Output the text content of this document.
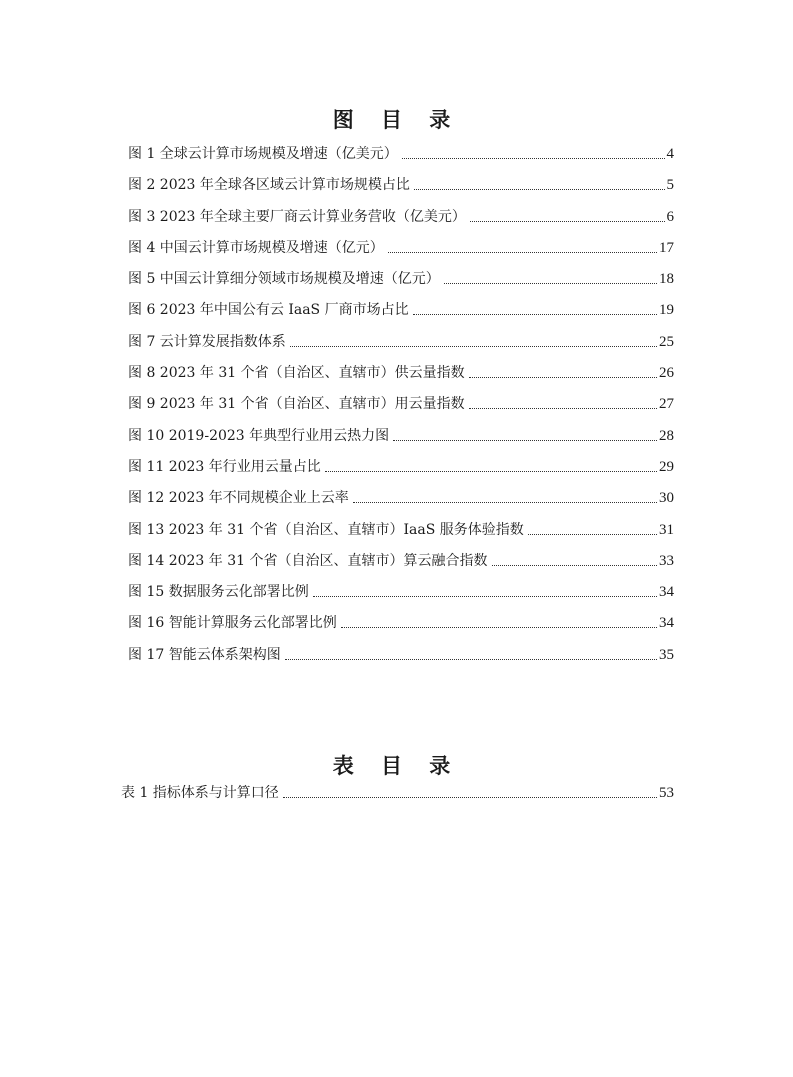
图 目 录
图 1 全球云计算市场规模及增速（亿美元）	4
图 2 2023 年全球各区域云计算市场规模占比	5
图 3 2023 年全球主要厂商云计算业务营收（亿美元）	6
图 4 中国云计算市场规模及增速（亿元）	17
图 5 中国云计算细分领域市场规模及增速（亿元）	18
图 6 2023 年中国公有云 IaaS 厂商市场占比	19
图 7 云计算发展指数体系	25
图 8 2023 年 31 个省（自治区、直辖市）供云量指数	26
图 9 2023 年 31 个省（自治区、直辖市）用云量指数	27
图 10 2019-2023 年典型行业用云热力图	28
图 11 2023 年行业用云量占比	29
图 12 2023 年不同规模企业上云率	30
图 13 2023 年 31 个省（自治区、直辖市）IaaS 服务体验指数	31
图 14 2023 年 31 个省（自治区、直辖市）算云融合指数	33
图 15 数据服务云化部署比例	34
图 16 智能计算服务云化部署比例	34
图 17 智能云体系架构图	35
表 目 录
表 1 指标体系与计算口径	53
